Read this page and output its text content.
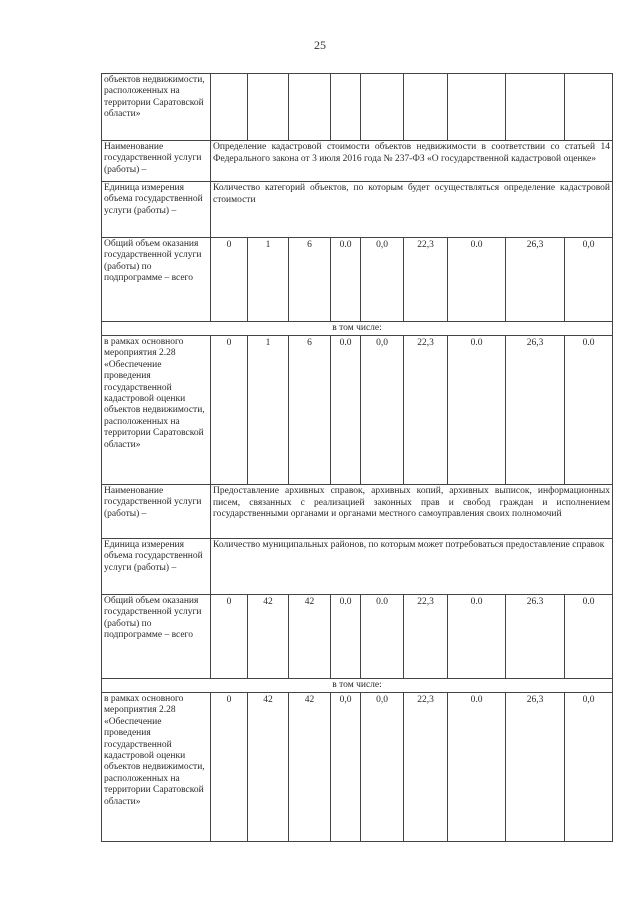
25
объектов недвижимости, расположенных на территории Саратовской области»									
Наименование государственной услуги (работы) –	Определение кадастровой стоимости объектов недвижимости в соответствии со статьей 14 Федерального закона от 3 июля 2016 года № 237-ФЗ «О государственной кадастровой оценке»								
Единица измерения объема государственной услуги (работы) –	Количество категорий объектов, по которым будет осуществляться определение кадастровой стоимости								
Общий объем оказания государственной услуги (работы) по подпрограмме – всего	0	1	6	0.0	0,0	22,3	0.0	26,3	0,0
в том числе:									
в рамках основного мероприятия 2.28 «Обеспечение проведения государственной кадастровой оценки объектов недвижимости, расположенных на территории Саратовской области»	0	1	6	0.0	0,0	22,3	0.0	26,3	0.0
Наименование государственной услуги (работы) –	Предоставление архивных справок, архивных копий, архивных выписок, информационных писем, связанных с реализацией законных прав и свобод граждан и исполнением государственными органами и органами местного самоуправления своих полномочий								
Единица измерения объема государственной услуги (работы) –	Количество муниципальных районов, по которым может потребоваться предоставление справок								
Общий объем оказания государственной услуги (работы) по подпрограмме – всего	0	42	42	0.0	0.0	22,3	0.0	26.3	0.0
в том числе:									
в рамках основного мероприятия 2.28 «Обеспечение проведения государственной кадастровой оценки объектов недвижимости, расположенных на территории Саратовской области»	0	42	42	0,0	0,0	22,3	0.0	26,3	0,0
